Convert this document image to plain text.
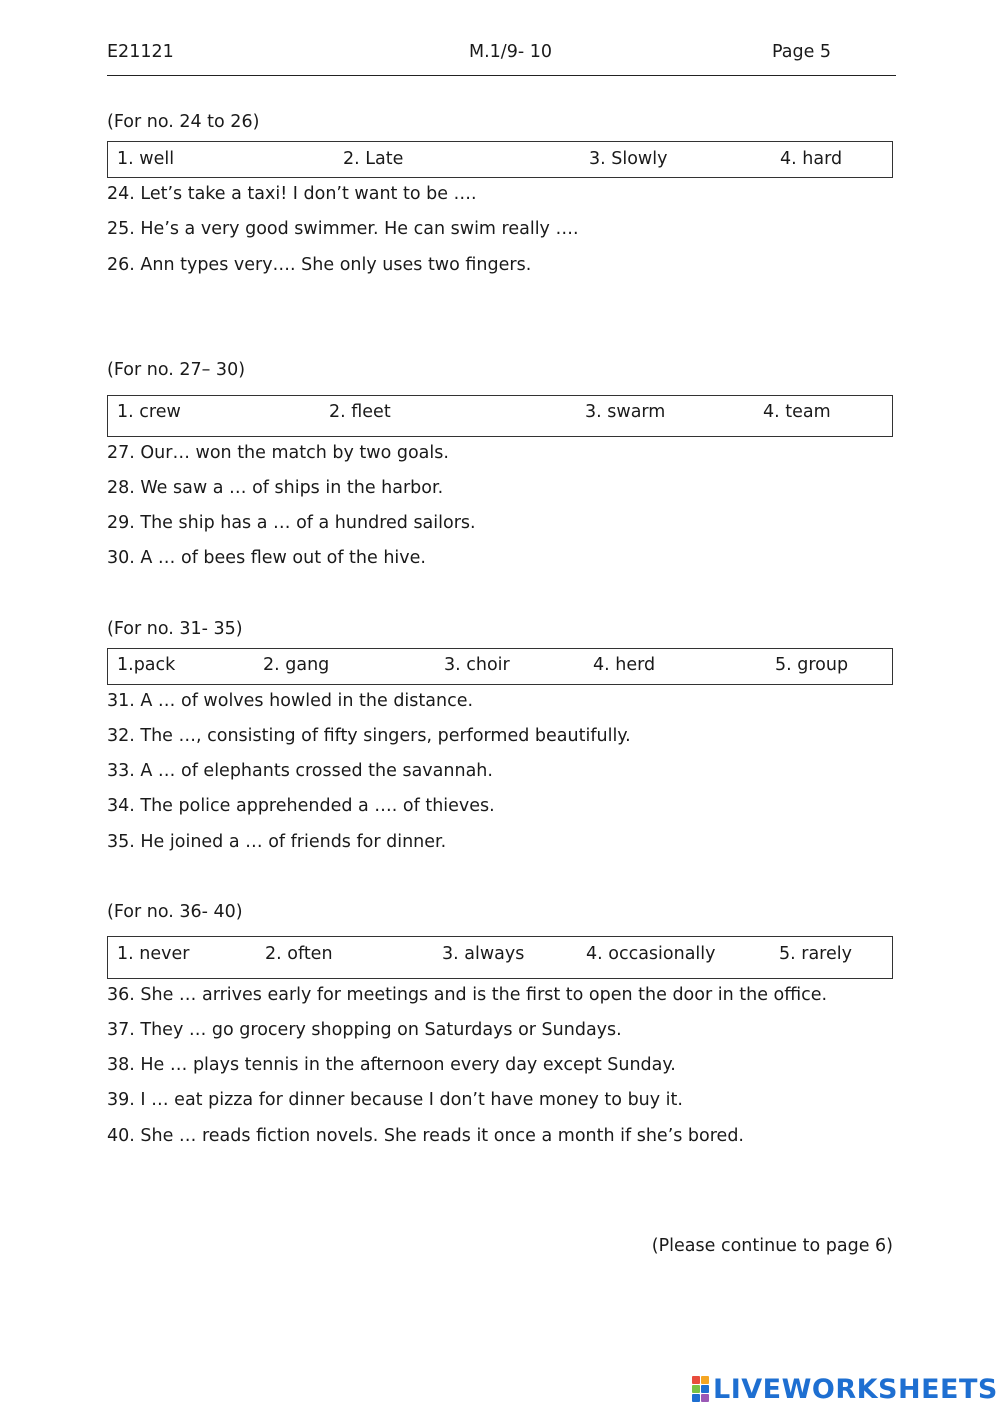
E21121	M.1/9- 10	Page 5
(For no. 24 to 26)
1. well	2. Late	3. Slowly	4. hard
24. Let’s take a taxi! I don’t want to be ….
25. He’s a very good swimmer. He can swim really ….
26. Ann types very…. She only uses two fingers.
(For no. 27– 30)
1. crew	2. fleet	3. swarm	4. team
27. Our… won the match by two goals.
28. We saw a … of ships in the harbor.
29. The ship has a … of a hundred sailors.
30. A … of bees flew out of the hive.
(For no. 31- 35)
1.pack	2. gang	3. choir	4. herd	5. group
31. A … of wolves howled in the distance.
32. The …, consisting of fifty singers, performed beautifully.
33. A … of elephants crossed the savannah.
34. The police apprehended a …. of thieves.
35. He joined a … of friends for dinner.
(For no. 36- 40)
1. never	2. often	3. always	4. occasionally	5. rarely
36. She … arrives early for meetings and is the first to open the door in the office.
37. They … go grocery shopping on Saturdays or Sundays.
38. He … plays tennis in the afternoon every day except Sunday.
39. I … eat pizza for dinner because I don’t have money to buy it.
40. She … reads fiction novels. She reads it once a month if she’s bored.
(Please continue to page 6)
LIVEWORKSHEETS
